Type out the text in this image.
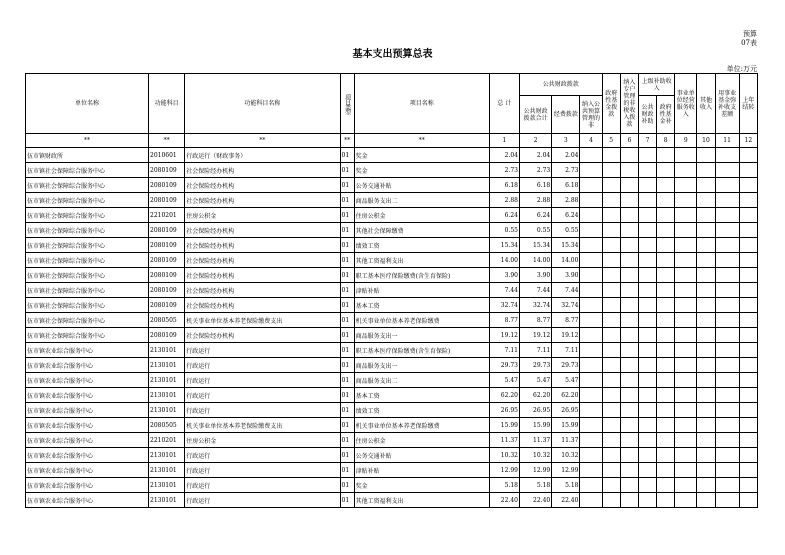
预算
07表
基本支出预算总表
单位:万元
单位名称	功能科目	功能科目名称	项目类型	项目名称	总 计	公共财政拨款			政府性基金拨款	纳入专户管理的非税收入拨款	上级补助收入		事业单位经营服务收入	其他收入	用事业基金弥补收支差额	上年结转
						公共财政拨款合计	经费拨款	纳入公共预算管理的非			公共财政补助	政府性基金补				
**	**	**	**	**	1	2	3	4	5	6	7	8	9	10	11	12
伍市镇财政所	2010601	行政运行（财政事务）	01	奖金	2.04	2.04	2.04									
伍市镇社会保障综合服务中心	2080109	社会保险经办机构	01	奖金	2.73	2.73	2.73									
伍市镇社会保障综合服务中心	2080109	社会保险经办机构	01	公务交通补贴	6.18	6.18	6.18									
伍市镇社会保障综合服务中心	2080109	社会保险经办机构	01	商品服务支出二	2.88	2.88	2.88									
伍市镇社会保障综合服务中心	2210201	住房公积金	01	住房公积金	6.24	6.24	6.24									
伍市镇社会保障综合服务中心	2080109	社会保险经办机构	01	其他社会保障缴费	0.55	0.55	0.55									
伍市镇社会保障综合服务中心	2080109	社会保险经办机构	01	绩效工资	15.34	15.34	15.34									
伍市镇社会保障综合服务中心	2080109	社会保险经办机构	01	其他工资福利支出	14.00	14.00	14.00									
伍市镇社会保障综合服务中心	2080109	社会保险经办机构	01	职工基本医疗保险缴费(含生育保险)	3.90	3.90	3.90									
伍市镇社会保障综合服务中心	2080109	社会保险经办机构	01	津贴补贴	7.44	7.44	7.44									
伍市镇社会保障综合服务中心	2080109	社会保险经办机构	01	基本工资	32.74	32.74	32.74									
伍市镇社会保障综合服务中心	2080505	机关事业单位基本养老保险缴费支出	01	机关事业单位基本养老保险缴费	8.77	8.77	8.77									
伍市镇社会保障综合服务中心	2080109	社会保险经办机构	01	商品服务支出一	19.12	19.12	19.12									
伍市镇农业综合服务中心	2130101	行政运行	01	职工基本医疗保险缴费(含生育保险)	7.11	7.11	7.11									
伍市镇农业综合服务中心	2130101	行政运行	01	商品服务支出一	29.73	29.73	29.73									
伍市镇农业综合服务中心	2130101	行政运行	01	商品服务支出二	5.47	5.47	5.47									
伍市镇农业综合服务中心	2130101	行政运行	01	基本工资	62.20	62.20	62.20									
伍市镇农业综合服务中心	2130101	行政运行	01	绩效工资	26.95	26.95	26.95									
伍市镇农业综合服务中心	2080505	机关事业单位基本养老保险缴费支出	01	机关事业单位基本养老保险缴费	15.99	15.99	15.99									
伍市镇农业综合服务中心	2210201	住房公积金	01	住房公积金	11.37	11.37	11.37									
伍市镇农业综合服务中心	2130101	行政运行	01	公务交通补贴	10.32	10.32	10.32									
伍市镇农业综合服务中心	2130101	行政运行	01	津贴补贴	12.99	12.99	12.99									
伍市镇农业综合服务中心	2130101	行政运行	01	奖金	5.18	5.18	5.18									
伍市镇农业综合服务中心	2130101	行政运行	01	其他工资福利支出	22.40	22.40	22.40									
